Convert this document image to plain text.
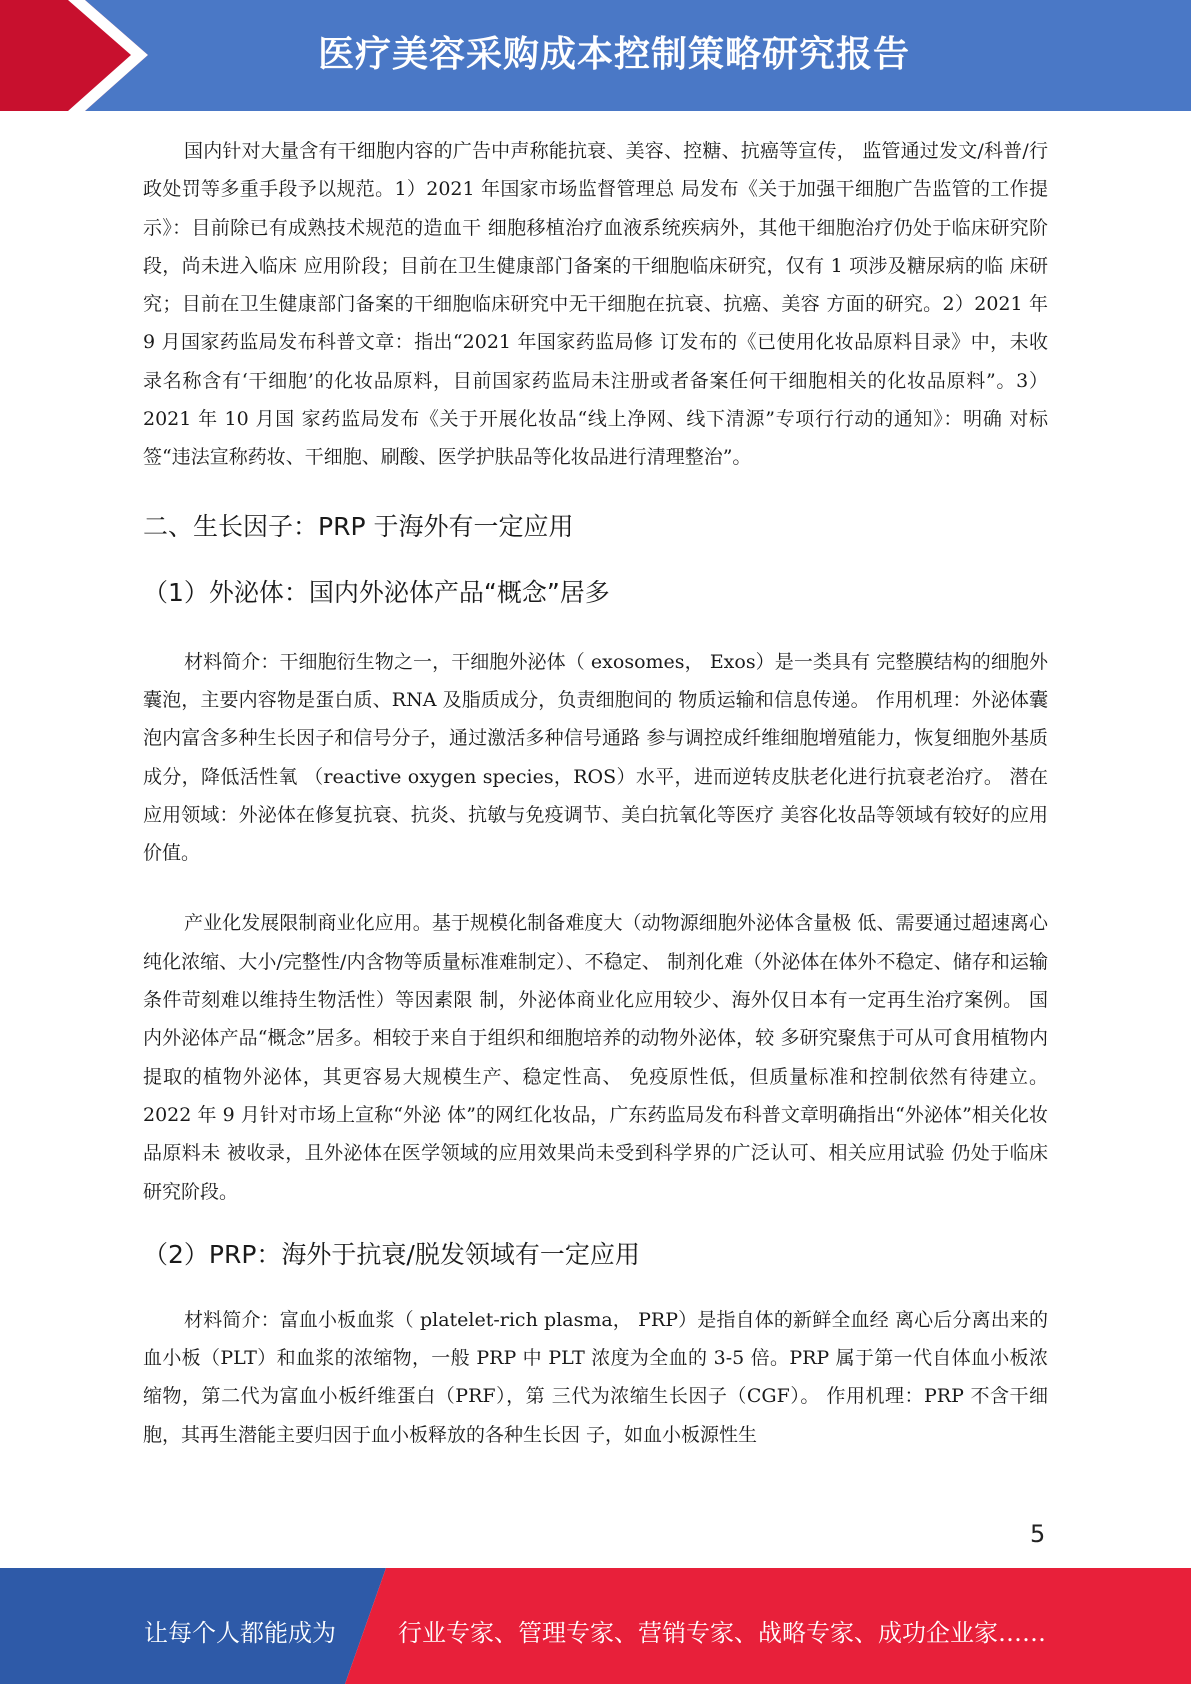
医疗美容采购成本控制策略研究报告

国内针对大量含有干细胞内容的广告中声称能抗衰、美容、控糖、抗癌等宣传， 监管通过发文/科普/行政处罚等多重手段予以规范。1）2021 年国家市场监督管理总 局发布《关于加强干细胞广告监管的工作提示》：目前除已有成熟技术规范的造血干 细胞移植治疗血液系统疾病外，其他干细胞治疗仍处于临床研究阶段，尚未进入临床 应用阶段；目前在卫生健康部门备案的干细胞临床研究，仅有 1 项涉及糖尿病的临 床研究；目前在卫生健康部门备案的干细胞临床研究中无干细胞在抗衰、抗癌、美容 方面的研究。2）2021 年 9 月国家药监局发布科普文章：指出“2021 年国家药监局修 订发布的《已使用化妆品原料目录》中，未收录名称含有‘干细胞’的化妆品原料，目前国家药监局未注册或者备案任何干细胞相关的化妆品原料”。3）2021 年 10 月国 家药监局发布《关于开展化妆品“线上净网、线下清源”专项行行动的通知》：明确 对标签“违法宣称药妆、干细胞、刷酸、医学护肤品等化妆品进行清理整治”。

二、生长因子：PRP 于海外有一定应用
（1）外泌体：国内外泌体产品“概念”居多

材料简介：干细胞衍生物之一，干细胞外泌体（ exosomes， Exos）是一类具有 完整膜结构的细胞外囊泡，主要内容物是蛋白质、RNA 及脂质成分，负责细胞间的 物质运输和信息传递。 作用机理：外泌体囊泡内富含多种生长因子和信号分子，通过激活多种信号通路 参与调控成纤维细胞增殖能力，恢复细胞外基质成分，降低活性氧 （reactive oxygen species，ROS）水平，进而逆转皮肤老化进行抗衰老治疗。 潜在应用领域：外泌体在修复抗衰、抗炎、抗敏与免疫调节、美白抗氧化等医疗 美容化妆品等领域有较好的应用价值。

产业化发展限制商业化应用。基于规模化制备难度大（动物源细胞外泌体含量极 低、需要通过超速离心纯化浓缩、大小/完整性/内含物等质量标准难制定）、不稳定、 制剂化难（外泌体在体外不稳定、储存和运输条件苛刻难以维持生物活性）等因素限 制，外泌体商业化应用较少、海外仅日本有一定再生治疗案例。 国内外泌体产品“概念”居多。相较于来自于组织和细胞培养的动物外泌体，较 多研究聚焦于可从可食用植物内提取的植物外泌体，其更容易大规模生产、稳定性高、 免疫原性低，但质量标准和控制依然有待建立。2022 年 9 月针对市场上宣称“外泌 体”的网红化妆品，广东药监局发布科普文章明确指出“外泌体”相关化妆品原料未 被收录，且外泌体在医学领域的应用效果尚未受到科学界的广泛认可、相关应用试验 仍处于临床研究阶段。

（2）PRP：海外于抗衰/脱发领域有一定应用

材料简介：富血小板血浆（ platelet-rich plasma， PRP）是指自体的新鲜全血经 离心后分离出来的血小板（PLT）和血浆的浓缩物，一般 PRP 中 PLT 浓度为全血的 3-5 倍。PRP 属于第一代自体血小板浓缩物，第二代为富血小板纤维蛋白（PRF），第 三代为浓缩生长因子（CGF）。 作用机理：PRP 不含干细胞，其再生潜能主要归因于血小板释放的各种生长因 子，如血小板源性生

5
让每个人都能成为	行业专家、管理专家、营销专家、战略专家、成功企业家……
